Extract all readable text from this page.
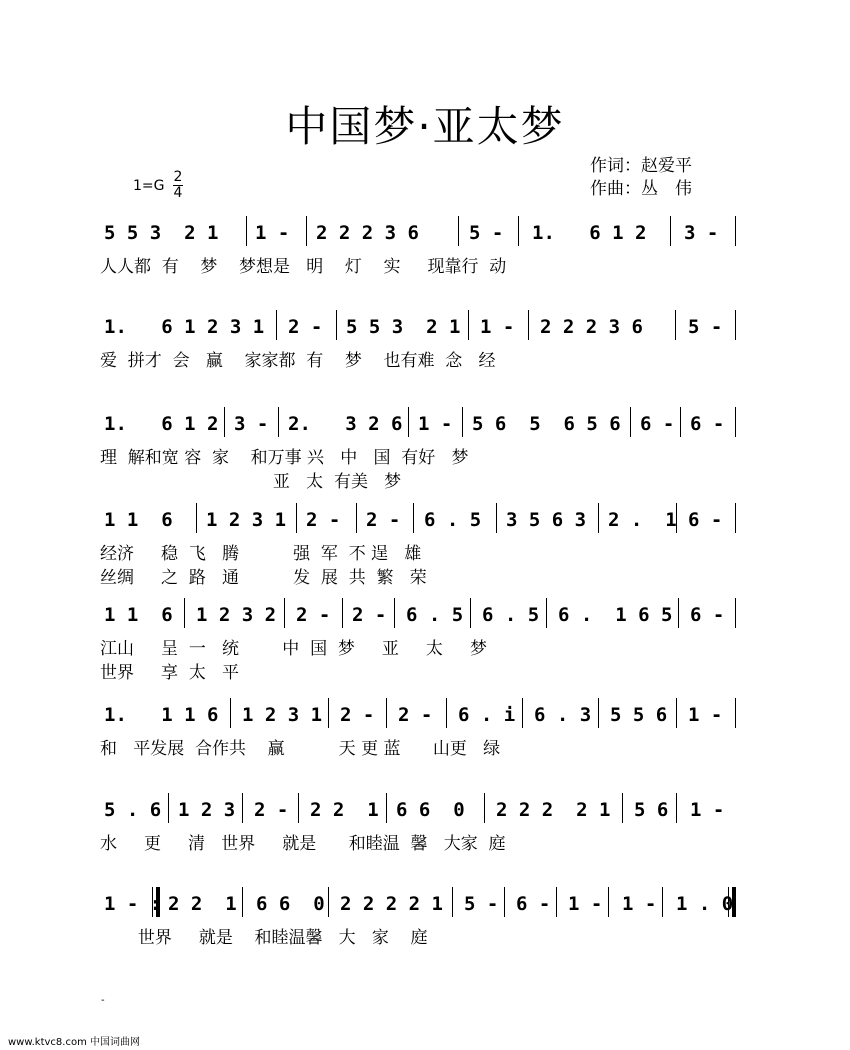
中国梦·亚太梦
作词：赵爱平
作曲：丛　伟
1=G
2
4
5 5 3  2 1 1 - 2 2 2 3 6	5 - 1.   6 1 2 3 -
人人都  有    梦    梦想是   明    灯    实     现靠行  动
1.   6 1 2 3 1 2 - 5 5 3  2 1 1 - 2 2 2 3 6 5 -
爱  拼才  会   赢    家家都  有    梦    也有难  念   经
1.   6 1 2 3 - 2.   3 2 6 1 - 5 6  5  6 5 6 6 - 6 -
理  解和宽 容  家    和万事 兴   中   国  有好   梦
亚   太  有美   梦
1 1  6 1 2 3 1 2 - 2 - 6 . 5 3 5 6 3 2 .  1 6 -
经济     稳  飞   腾          强  军  不 逞   雄
丝绸     之  路   通          发  展  共  繁   荣
1 1  6 1 2 3 2 2 - 2 - 6 . 5 6 . 5 6 .  1 6 5 6 -
江山     呈  一   统        中  国  梦     亚     太     梦
世界     享  太   平
1.   1 1 6 1 2 3 1 2 - 2 - 6 . i 6 . 3 5 5 6 1 -
和   平发展  合作共    赢          天 更 蓝      山更   绿
5 . 6 1 2 3 2 - 2 2  1 6 6  0 2 2 2  2 1 5 6 1 -
水     更     清   世界     就是      和睦温  馨   大家  庭
1 - : 2 2  1 6 6  0 2 2 2 2 1 5 - 6 - 1 - 1 - 1 . 0
世界     就是    和睦温馨   大   家    庭
-
www.ktvc8.com 中国词曲网
